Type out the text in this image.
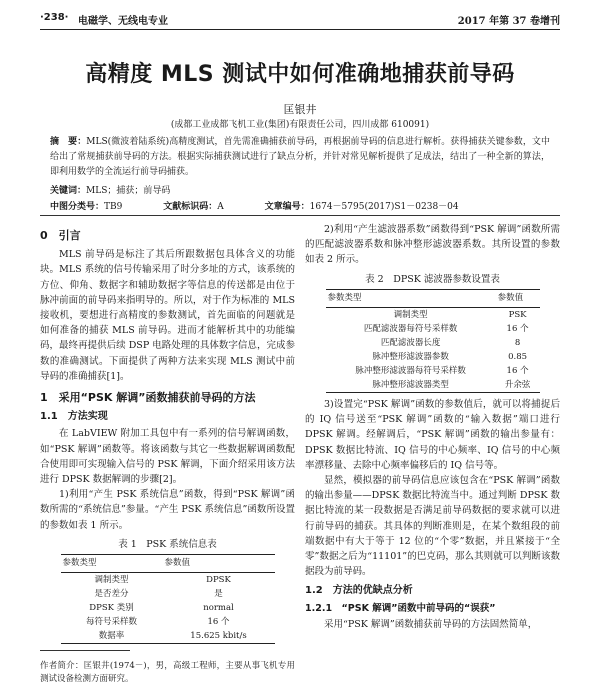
·238· 电磁学、无线电专业	2017 年第 37 卷增刊
高精度 MLS 测试中如何准确地捕获前导码
匡银井
(成都工业成都飞机工业(集团)有限责任公司，四川成都 610091)
摘　要：MLS(微波着陆系统)高精度测试，首先需准确捕获前导码，再根据前导码的信息进行解析。获得捕获关键参数，文中给出了常规捕获前导码的方法。根据实际捕获测试进行了缺点分析，并针对常见解析提供了足成法，结出了一种全新的算法，即利用数学的全流运行前导码捕获。
关键词：MLS；捕获；前导码
中图分类号：TB9	文献标识码：A	文章编号：1674－5795(2017)S1－0238－04
0　引言

MLS 前导码是标注了其后所跟数据包具体含义的功能块。MLS 系统的信号传输采用了时分多址的方式，该系统的方位、仰角、数据字和辅助数据字等信息的传送都是由位于脉冲前面的前导码来指明导的。所以，对于作为标准的 MLS 接收机，要想进行高精度的参数测试，首先面临的问题就是如何准备的捕获 MLS 前导码。进而才能解析其中的功能编码，最终再提供后续 DSP 电路处理的具体数字信息，完成参数的准确测试。下面提供了两种方法来实现 MLS 测试中前导码的准确捕获[1]。

1　采用“PSK 解调”函数捕获前导码的方法
1.1　方法实现

在 LabVIEW 附加工具包中有一系列的信号解调函数，如“PSK 解调”函数等。将该函数与其它一些数据解调函数配合使用即可实现输入信号的 PSK 解调，下面介绍采用该方法进行 DPSK 数据解调的步骤[2]。

1)利用“产生 PSK 系统信息”函数，得到“PSK 解调”函数所需的“系统信息”参量。“产生 PSK 系统信息”函数所设置的参数如表 1 所示。

表 1　PSK 系统信息表
参数类型	参数值
调制类型	DPSK
是否差分	是
DPSK 类别	normal
每符号采样数	16 个
数据率	15.625 kbit/s

作者简介：匡银井(1974－)，男，高级工程师，主要从事飞机专用测试设备检测方面研究。

2)利用“产生滤波器系数”函数得到“PSK 解调”函数所需的匹配滤波器系数和脉冲整形滤波器系数。其所设置的参数如表 2 所示。

表 2　DPSK 滤波器参数设置表
参数类型	参数值
调制类型	PSK
匹配滤波器每符号采样数	16 个
匹配滤波器长度	8
脉冲整形滤波器参数	0.85
脉冲整形滤波器每符号采样数	16 个
脉冲整形滤波器类型	升余弦

3)设置完“PSK 解调”函数的参数值后，就可以将捕捉后的 IQ 信号送至“PSK 解调”函数的“输入数据”端口进行 DPSK 解调。经解调后，“PSK 解调”函数的输出参量有：DPSK 数据比特流、IQ 信号的中心频率、IQ 信号的中心频率漂移量、去除中心频率偏移后的 IQ 信号等。

显然，模拟器的前导码信息应该包含在“PSK 解调”函数的输出参量——DPSK 数据比特流当中。通过判断 DPSK 数据比特流的某一段数据是否满足前导码数据的要求就可以进行前导码的捕获。其具体的判断准则是，在某个数组段的前端数据中有大于等于 12 位的“个零”数据，并且紧接于“全零”数据之后为“11101”的巴克码，那么其则就可以判断该数据段为前导码。

1.2　方法的优缺点分析
1.2.1　“PSK 解调”函数中前导码的“误获”

采用“PSK 解调”函数捕获前导码的方法固然简单，
